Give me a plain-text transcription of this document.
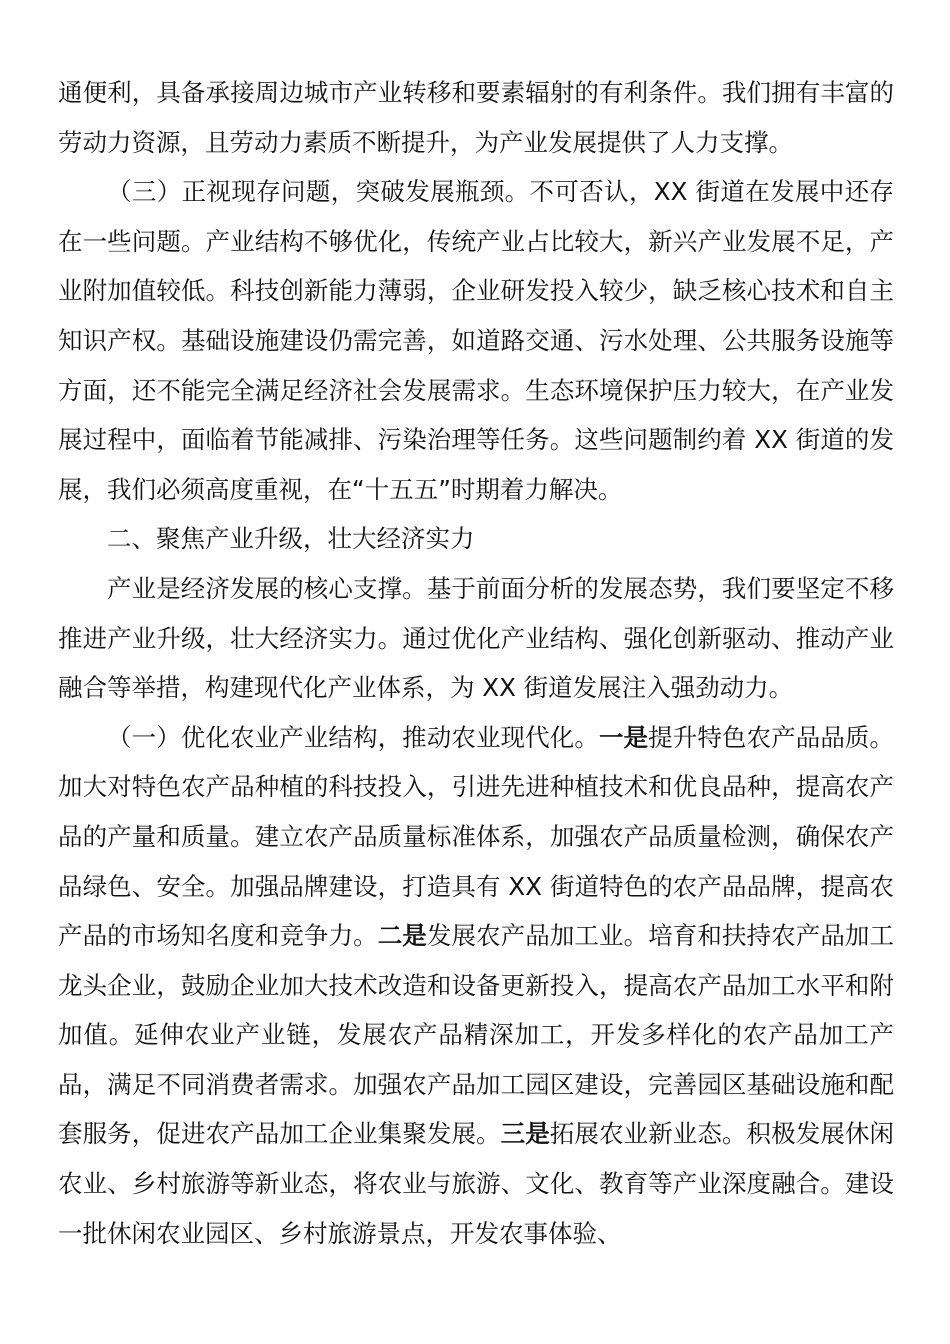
通便利，具备承接周边城市产业转移和要素辐射的有利条件。我们拥有丰富的劳动力资源，且劳动力素质不断提升，为产业发展提供了人力支撑。

（三）正视现存问题，突破发展瓶颈。不可否认，XX 街道在发展中还存在一些问题。产业结构不够优化，传统产业占比较大，新兴产业发展不足，产业附加值较低。科技创新能力薄弱，企业研发投入较少，缺乏核心技术和自主知识产权。基础设施建设仍需完善，如道路交通、污水处理、公共服务设施等方面，还不能完全满足经济社会发展需求。生态环境保护压力较大，在产业发展过程中，面临着节能减排、污染治理等任务。这些问题制约着 XX 街道的发展，我们必须高度重视，在“十五五”时期着力解决。

二、聚焦产业升级，壮大经济实力

产业是经济发展的核心支撑。基于前面分析的发展态势，我们要坚定不移推进产业升级，壮大经济实力。通过优化产业结构、强化创新驱动、推动产业融合等举措，构建现代化产业体系，为 XX 街道发展注入强劲动力。

（一）优化农业产业结构，推动农业现代化。一是提升特色农产品品质。加大对特色农产品种植的科技投入，引进先进种植技术和优良品种，提高农产品的产量和质量。建立农产品质量标准体系，加强农产品质量检测，确保农产品绿色、安全。加强品牌建设，打造具有 XX 街道特色的农产品品牌，提高农产品的市场知名度和竞争力。二是发展农产品加工业。培育和扶持农产品加工龙头企业，鼓励企业加大技术改造和设备更新投入，提高农产品加工水平和附加值。延伸农业产业链，发展农产品精深加工，开发多样化的农产品加工产品，满足不同消费者需求。加强农产品加工园区建设，完善园区基础设施和配套服务，促进农产品加工企业集聚发展。三是拓展农业新业态。积极发展休闲农业、乡村旅游等新业态，将农业与旅游、文化、教育等产业深度融合。建设一批休闲农业园区、乡村旅游景点，开发农事体验、
